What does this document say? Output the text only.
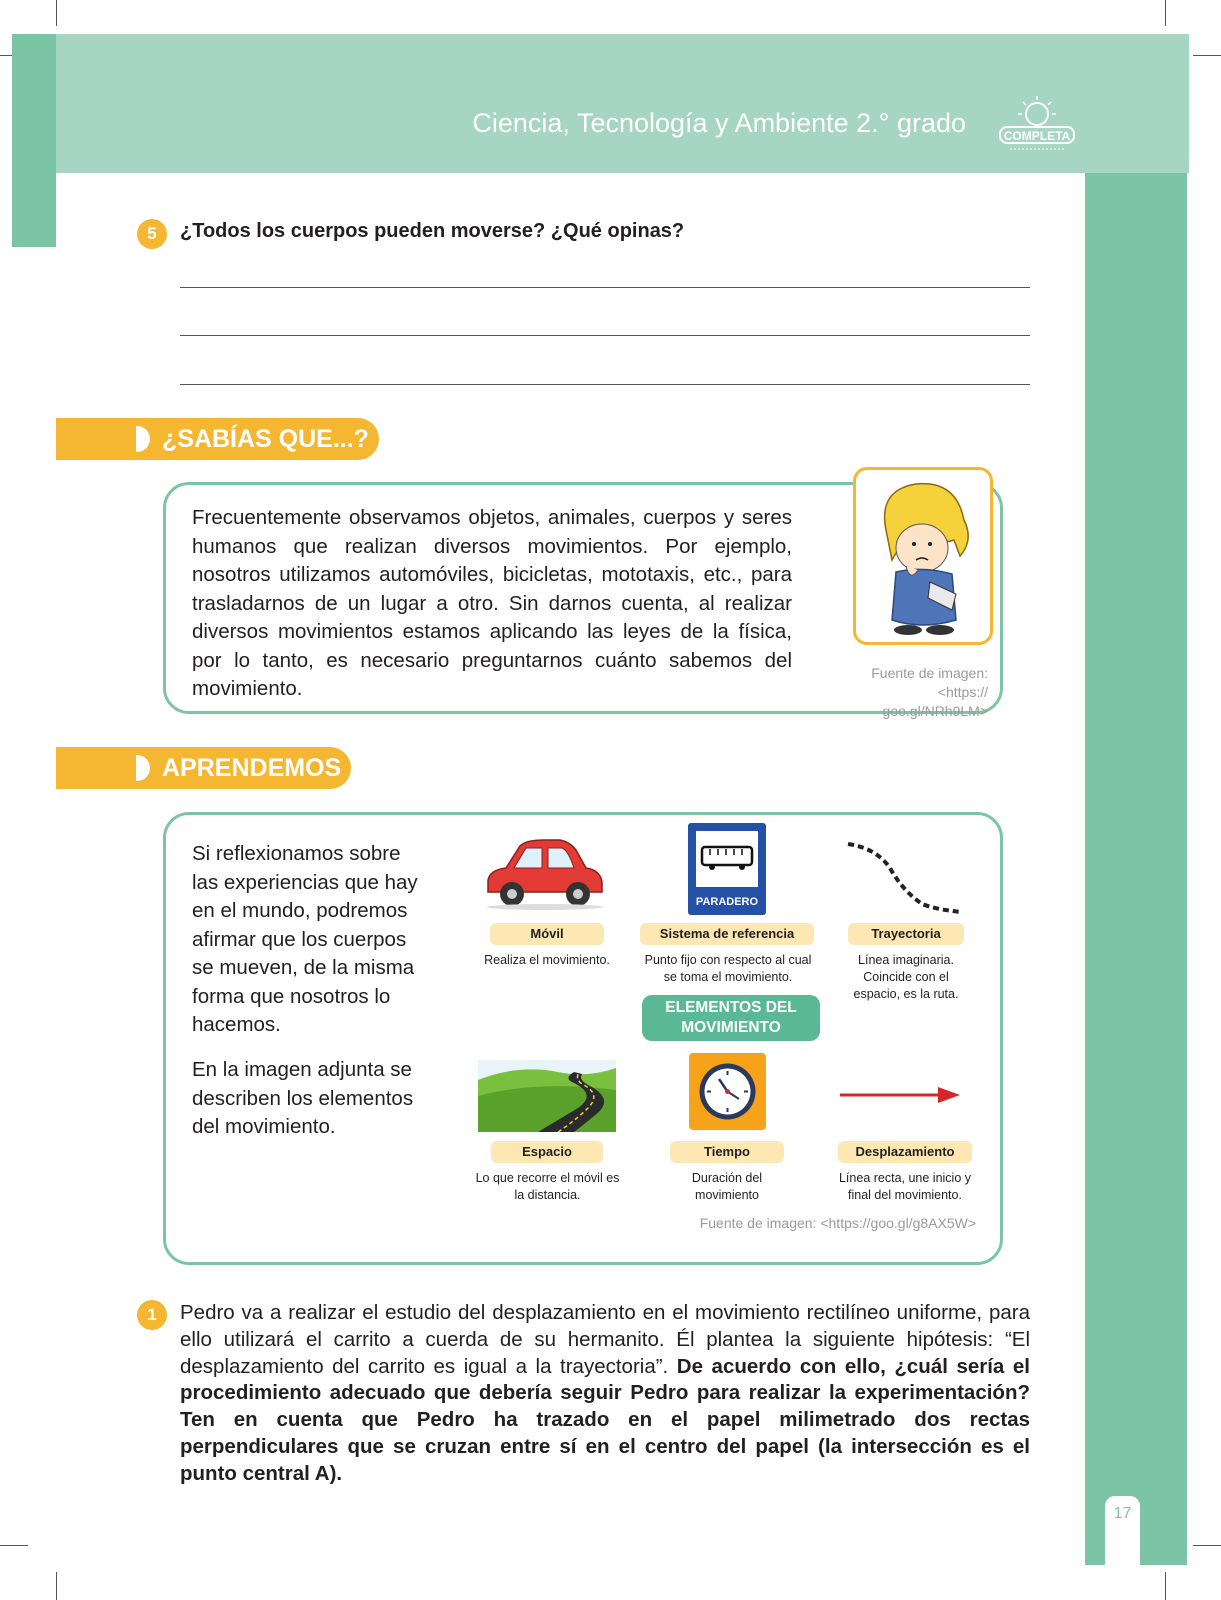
Ciencia, Tecnología y Ambiente 2.° grado	COMPLETA
17
5	¿Todos los cuerpos pueden moverse? ¿Qué opinas?
¿SABÍAS QUE...?
Frecuentemente observamos objetos, animales, cuerpos y seres humanos que realizan diversos movimientos. Por ejemplo, nosotros utilizamos automóviles, bicicletas, mototaxis, etc., para trasladarnos de un lugar a otro. Sin darnos cuenta, al realizar diversos movimientos estamos aplicando las leyes de la física, por lo tanto, es necesario preguntarnos cuánto sabemos del movimiento.
Fuente de imagen: <https://
goo.gl/NRh9LM>
APRENDEMOS
Si reflexionamos sobre las experiencias que hay en el mundo, podremos afirmar que los cuerpos se mueven, de la misma forma que nosotros lo hacemos.
En la imagen adjunta se describen los elementos del movimiento.
Móvil
Realiza el movimiento.
PARADERO
Sistema de referencia
Punto fijo con respecto al cual se toma el movimiento.
Trayectoria
Línea imaginaria. Coincide con el espacio, es la ruta.
ELEMENTOS DEL MOVIMIENTO
Espacio
Lo que recorre el móvil es la distancia.
Tiempo
Duración del movimiento
Desplazamiento
Línea recta, une inicio y final del movimiento.
Fuente de imagen: <https://goo.gl/g8AX5W>
1	Pedro va a realizar el estudio del desplazamiento en el movimiento rectilíneo uniforme, para ello utilizará el carrito a cuerda de su hermanito. Él plantea la siguiente hipótesis: “El desplazamiento del carrito es igual a la trayectoria”. De acuerdo con ello, ¿cuál sería el procedimiento adecuado que debería seguir Pedro para realizar la experimentación? Ten en cuenta que Pedro ha trazado en el papel milimetrado dos rectas perpendiculares que se cruzan entre sí en el centro del papel (la intersección es el punto central A).
